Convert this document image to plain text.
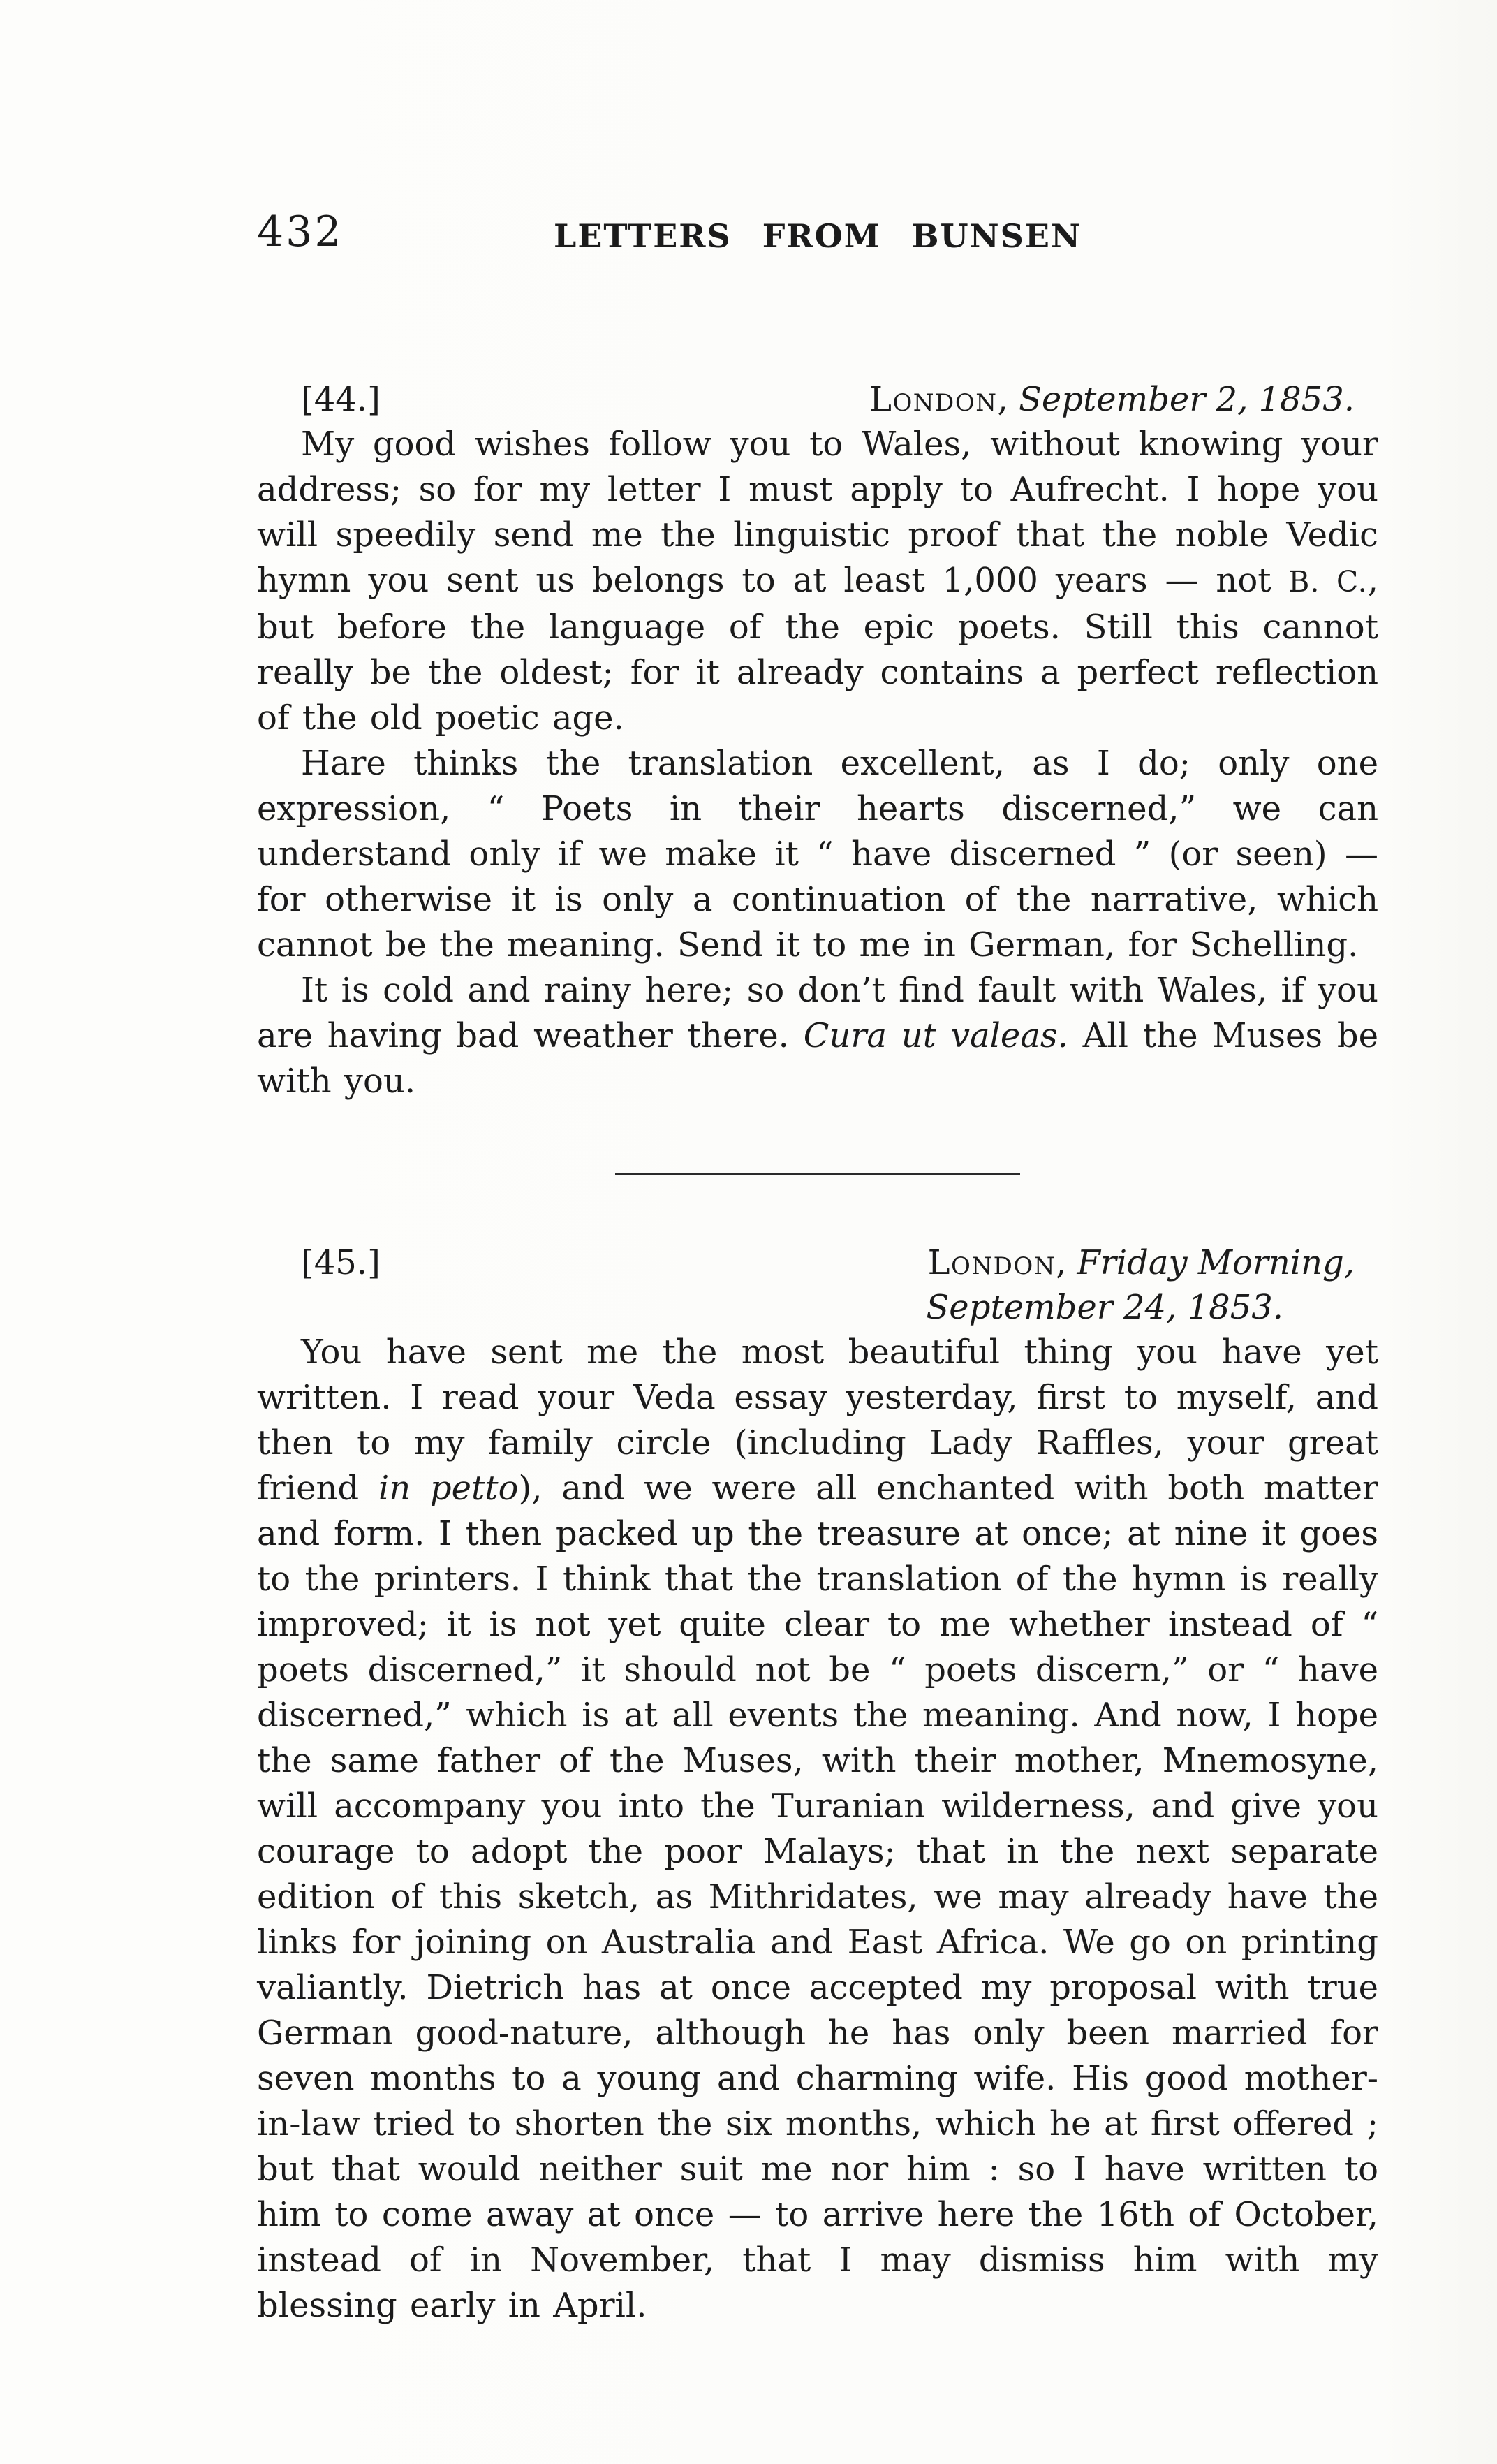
432	LETTERS FROM BUNSEN
[44.]	London, September 2, 1853.

My good wishes follow you to Wales, without knowing your address; so for my letter I must apply to Aufrecht. I hope you will speedily send me the linguistic proof that the noble Vedic hymn you sent us belongs to at least 1,000 years — not B. C., but before the language of the epic poets. Still this cannot really be the oldest; for it already contains a perfect reflection of the old poetic age.

Hare thinks the translation excellent, as I do; only one expression, “ Poets in their hearts discerned,” we can understand only if we make it “ have discerned ” (or seen) — for otherwise it is only a continuation of the narrative, which cannot be the meaning. Send it to me in German, for Schelling.

It is cold and rainy here; so don’t find fault with Wales, if you are having bad weather there. Cura ut valeas. All the Muses be with you.

[45.]	London, Friday Morning,
September 24, 1853.

You have sent me the most beautiful thing you have yet written. I read your Veda essay yesterday, first to myself, and then to my family circle (including Lady Raffles, your great friend in petto), and we were all enchanted with both matter and form. I then packed up the treasure at once; at nine it goes to the printers. I think that the translation of the hymn is really improved; it is not yet quite clear to me whether instead of “ poets discerned,” it should not be “ poets discern,” or “ have discerned,” which is at all events the meaning. And now, I hope the same father of the Muses, with their mother, Mnemosyne, will accompany you into the Turanian wilderness, and give you courage to adopt the poor Malays; that in the next separate edition of this sketch, as Mithridates, we may already have the links for joining on Australia and East Africa. We go on printing valiantly. Dietrich has at once accepted my proposal with true German good-nature, although he has only been married for seven months to a young and charming wife. His good mother-in-law tried to shorten the six months, which he at first offered ; but that would neither suit me nor him : so I have written to him to come away at once — to arrive here the 16th of October, instead of in November, that I may dismiss him with my blessing early in April.
